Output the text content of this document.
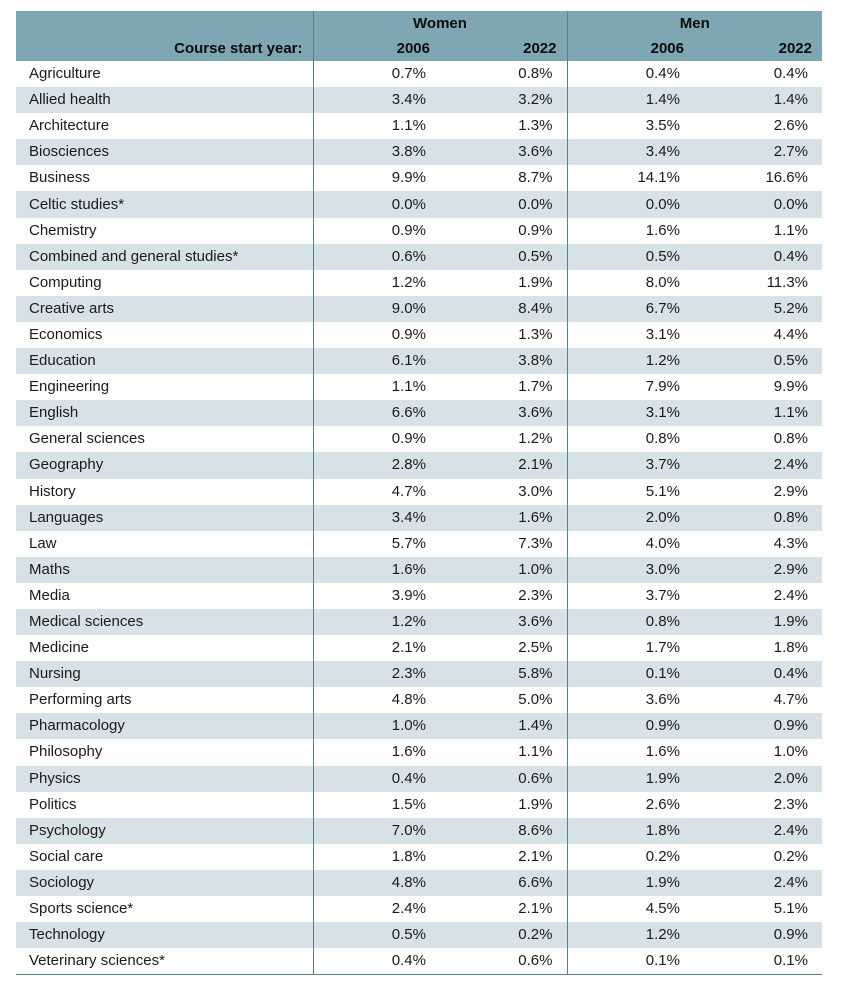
	Women		Men	
Course start year:	2006	2022	2006	2022
Agriculture	0.7%	0.8%	0.4%	0.4%
Allied health	3.4%	3.2%	1.4%	1.4%
Architecture	1.1%	1.3%	3.5%	2.6%
Biosciences	3.8%	3.6%	3.4%	2.7%
Business	9.9%	8.7%	14.1%	16.6%
Celtic studies*	0.0%	0.0%	0.0%	0.0%
Chemistry	0.9%	0.9%	1.6%	1.1%
Combined and general studies*	0.6%	0.5%	0.5%	0.4%
Computing	1.2%	1.9%	8.0%	11.3%
Creative arts	9.0%	8.4%	6.7%	5.2%
Economics	0.9%	1.3%	3.1%	4.4%
Education	6.1%	3.8%	1.2%	0.5%
Engineering	1.1%	1.7%	7.9%	9.9%
English	6.6%	3.6%	3.1%	1.1%
General sciences	0.9%	1.2%	0.8%	0.8%
Geography	2.8%	2.1%	3.7%	2.4%
History	4.7%	3.0%	5.1%	2.9%
Languages	3.4%	1.6%	2.0%	0.8%
Law	5.7%	7.3%	4.0%	4.3%
Maths	1.6%	1.0%	3.0%	2.9%
Media	3.9%	2.3%	3.7%	2.4%
Medical sciences	1.2%	3.6%	0.8%	1.9%
Medicine	2.1%	2.5%	1.7%	1.8%
Nursing	2.3%	5.8%	0.1%	0.4%
Performing arts	4.8%	5.0%	3.6%	4.7%
Pharmacology	1.0%	1.4%	0.9%	0.9%
Philosophy	1.6%	1.1%	1.6%	1.0%
Physics	0.4%	0.6%	1.9%	2.0%
Politics	1.5%	1.9%	2.6%	2.3%
Psychology	7.0%	8.6%	1.8%	2.4%
Social care	1.8%	2.1%	0.2%	0.2%
Sociology	4.8%	6.6%	1.9%	2.4%
Sports science*	2.4%	2.1%	4.5%	5.1%
Technology	0.5%	0.2%	1.2%	0.9%
Veterinary sciences*	0.4%	0.6%	0.1%	0.1%
